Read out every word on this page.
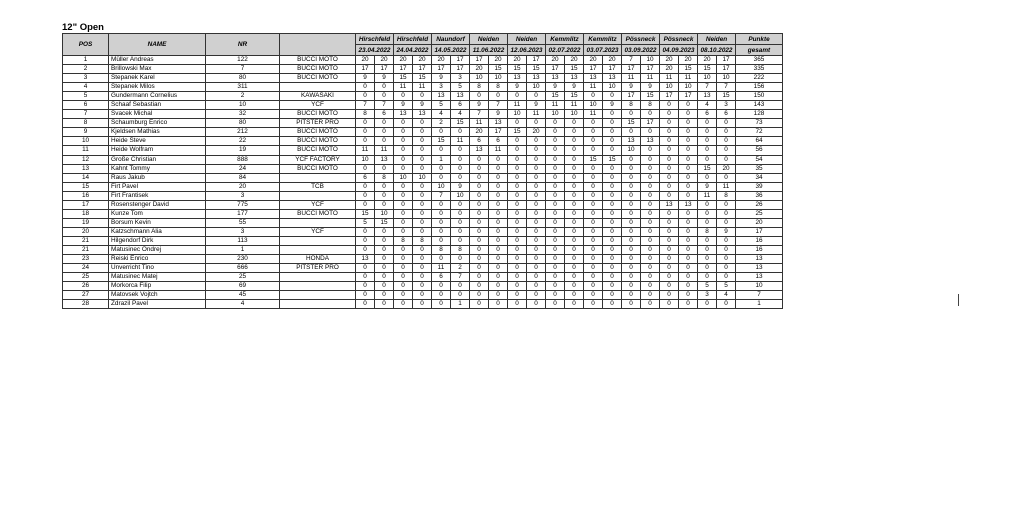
12" Open
POS	NAME	NR		Hirschfeld		Hirschfeld		Naundorf		Neiden		Neiden		Kemmlitz		Kemmlitz		Pössneck		Pössneck		Neiden		Punkte
				23.04.2022		24.04.2022		14.05.2022		11.06.2022		12.06.2023		02.07.2022		03.07.2023		03.09.2022		04.09.2023		08.10.2022		gesamt
1	Müller Andreas	122	BUCCI MOTO	20	20	20	20	20	17	17	20	20	17	20	20	20	20	7	10	20	20	20	17	365
2	Brillowski Max	7	BUCCI MOTO	17	17	17	17	17	17	20	15	15	15	17	15	17	17	17	17	20	15	15	17	335
3	Stepanek Karel	80	BUCCI MOTO	9	9	15	15	9	3	10	10	13	13	13	13	13	13	11	11	11	11	10	10	222
4	Stepanek Milos	311		0	0	11	11	3	5	8	8	9	10	9	9	11	10	9	9	10	10	7	7	156
5	Gundermann Cornelius	2	KAWASAKI	0	0	0	0	13	13	0	0	0	0	15	15	0	0	17	15	17	17	13	15	150
6	Schaaf Sebastian	10	YCF	7	7	9	9	5	6	9	7	11	9	11	11	10	9	8	8	0	0	4	3	143
7	Svacek Michal	32	BUCCI MOTO	8	6	13	13	4	4	7	9	10	11	10	10	11	0	0	0	0	0	6	6	128
8	Schaumburg Enrico	80	PITSTER PRO	0	0	0	0	2	15	11	13	0	0	0	0	0	0	15	17	0	0	0	0	73
9	Kjeldsen Mathias	212	BUCCI MOTO	0	0	0	0	0	0	20	17	15	20	0	0	0	0	0	0	0	0	0	0	72
10	Heide Steve	22	BUCCI MOTO	0	0	0	0	15	11	6	6	0	0	0	0	0	0	13	13	0	0	0	0	64
11	Heide Wolfram	19	BUCCI MOTO	11	11	0	0	0	0	13	11	0	0	0	0	0	0	10	0	0	0	0	0	56
12	Große Christian	888	YCF FACTORY	10	13	0	0	1	0	0	0	0	0	0	0	15	15	0	0	0	0	0	0	54
13	Kahnt Tommy	24	BUCCI MOTO	0	0	0	0	0	0	0	0	0	0	0	0	0	0	0	0	0	0	15	20	35
14	Raus Jakub	84		6	8	10	10	0	0	0	0	0	0	0	0	0	0	0	0	0	0	0	0	34
15	Firt Pavel	20	TCB	0	0	0	0	10	9	0	0	0	0	0	0	0	0	0	0	0	0	9	11	39
16	Firt Frantisek	3		0	0	0	0	7	10	0	0	0	0	0	0	0	0	0	0	0	0	11	8	36
17	Rosenstenger David	775	YCF	0	0	0	0	0	0	0	0	0	0	0	0	0	0	0	0	13	13	0	0	26
18	Kunze Tom	177	BUCCI MOTO	15	10	0	0	0	0	0	0	0	0	0	0	0	0	0	0	0	0	0	0	25
19	Borsum Kevin	55		5	15	0	0	0	0	0	0	0	0	0	0	0	0	0	0	0	0	0	0	20
20	Katzschmann Alia	3	YCF	0	0	0	0	0	0	0	0	0	0	0	0	0	0	0	0	0	0	8	9	17
21	Hilgendorf Dirk	113		0	0	8	8	0	0	0	0	0	0	0	0	0	0	0	0	0	0	0	0	16
21	Matusinec Ondrej	1		0	0	0	0	8	8	0	0	0	0	0	0	0	0	0	0	0	0	0	0	16
23	Reiski Enrico	230	HONDA	13	0	0	0	0	0	0	0	0	0	0	0	0	0	0	0	0	0	0	0	13
24	Unverricht Tino	666	PITSTER PRO	0	0	0	0	11	2	0	0	0	0	0	0	0	0	0	0	0	0	0	0	13
25	Matusinec Matej	25		0	0	0	0	6	7	0	0	0	0	0	0	0	0	0	0	0	0	0	0	13
26	Morkorca Filip	69		0	0	0	0	0	0	0	0	0	0	0	0	0	0	0	0	0	0	5	5	10
27	Matovsek Vojtch	45		0	0	0	0	0	0	0	0	0	0	0	0	0	0	0	0	0	0	3	4	7
28	Zdrazil Pavel	4		0	0	0	0	0	1	0	0	0	0	0	0	0	0	0	0	0	0	0	0	1
